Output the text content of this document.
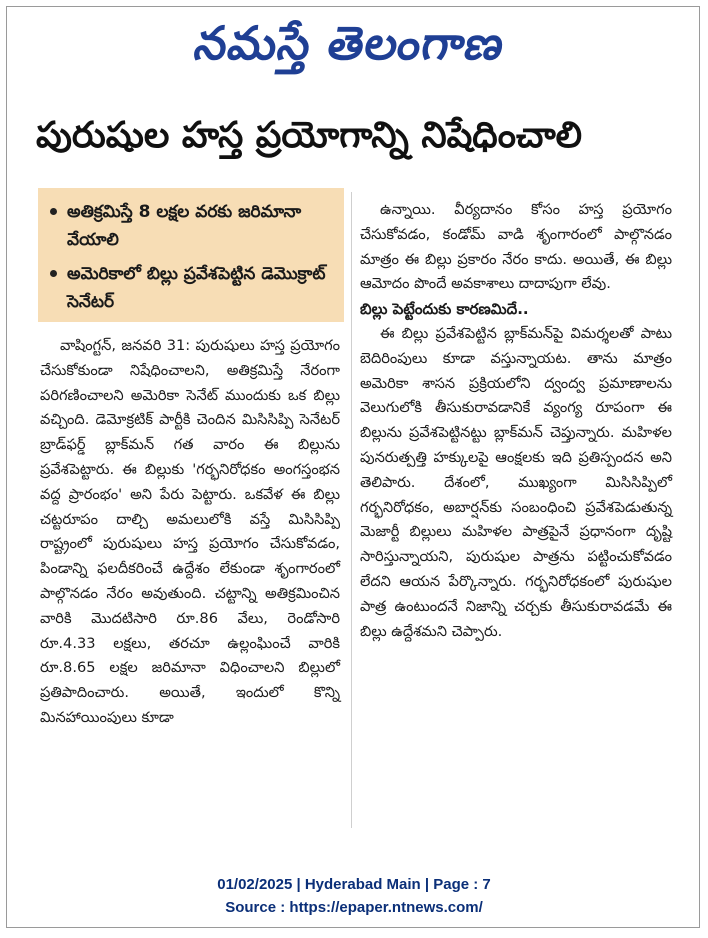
నమస్తే తెలంగాణ
పురుషుల హస్త ప్రయోగాన్ని నిషేధించాలి
అతిక్రమిస్తే 8 లక్షల వరకు జరిమానా వేయాలి
అమెరికాలో బిల్లు ప్రవేశపెట్టిన డెమొక్రాట్ సెనేటర్

వాషింగ్టన్, జనవరి 31: పురుషులు హస్త ప్రయోగం చేసుకోకుండా నిషేధించాలని, అతిక్రమిస్తే నేరంగా పరిగణించాలని అమెరికా సెనేట్ ముందుకు ఒక బిల్లు వచ్చింది. డెమోక్రటిక్ పార్టీకి చెందిన మిసిసిప్పి సెనేటర్ బ్రాడ్‌ఫర్డ్ బ్లాక్‌మన్ గత వారం ఈ బిల్లును ప్రవేశపెట్టారు. ఈ బిల్లుకు 'గర్భనిరోధకం అంగస్తంభన వద్ద ప్రారంభం' అని పేరు పెట్టారు. ఒకవేళ ఈ బిల్లు చట్టరూపం దాల్చి అమలులోకి వస్తే మిసిసిప్పి రాష్ట్రంలో పురుషులు హస్త ప్రయోగం చేసుకోవడం, పిండాన్ని ఫలదీకరించే ఉద్దేశం లేకుండా శృంగారంలో పాల్గొనడం నేరం అవుతుంది. చట్టాన్ని అతిక్రమించిన వారికి మొదటిసారి రూ.86 వేలు, రెండోసారి రూ.4.33 లక్షలు, తరచూ ఉల్లంఘించే వారికి రూ.8.65 లక్షల జరిమానా విధించాలని బిల్లులో ప్రతిపాదించారు. అయితే, ఇందులో కొన్ని మినహాయింపులు కూడా

ఉన్నాయి. వీర్యదానం కోసం హస్త ప్రయోగం చేసుకోవడం, కండోమ్ వాడి శృంగారంలో పాల్గొనడం మాత్రం ఈ బిల్లు ప్రకారం నేరం కాదు. అయితే, ఈ బిల్లు ఆమోదం పొందే అవకాశాలు దాదాపుగా లేవు.

బిల్లు పెట్టేందుకు కారణమిదే..

ఈ బిల్లు ప్రవేశపెట్టిన బ్లాక్‌మన్‌పై విమర్శలతో పాటు బెదిరింపులు కూడా వస్తున్నాయట. తాను మాత్రం అమెరికా శాసన ప్రక్రియలోని ద్వంద్వ ప్రమాణాలను వెలుగులోకి తీసుకురావడానికే వ్యంగ్య రూపంగా ఈ బిల్లును ప్రవేశపెట్టినట్టు బ్లాక్‌మన్ చెప్తున్నారు. మహిళల పునరుత్పత్తి హక్కులపై ఆంక్షలకు ఇది ప్రతిస్పందన అని తెలిపారు. దేశంలో, ముఖ్యంగా మిసిసిప్పిలో గర్భనిరోధకం, అబార్షన్‌కు సంబంధించి ప్రవేశపెడుతున్న మెజార్టీ బిల్లులు మహిళల పాత్రపైనే ప్రధానంగా దృష్టి సారిస్తున్నాయని, పురుషుల పాత్రను పట్టించుకోవడం లేదని ఆయన పేర్కొన్నారు. గర్భనిరోధకంలో పురుషుల పాత్ర ఉంటుందనే నిజాన్ని చర్చకు తీసుకురావడమే ఈ బిల్లు ఉద్దేశమని చెప్పారు.

01/02/2025 | Hyderabad Main | Page : 7
Source : https://epaper.ntnews.com/
